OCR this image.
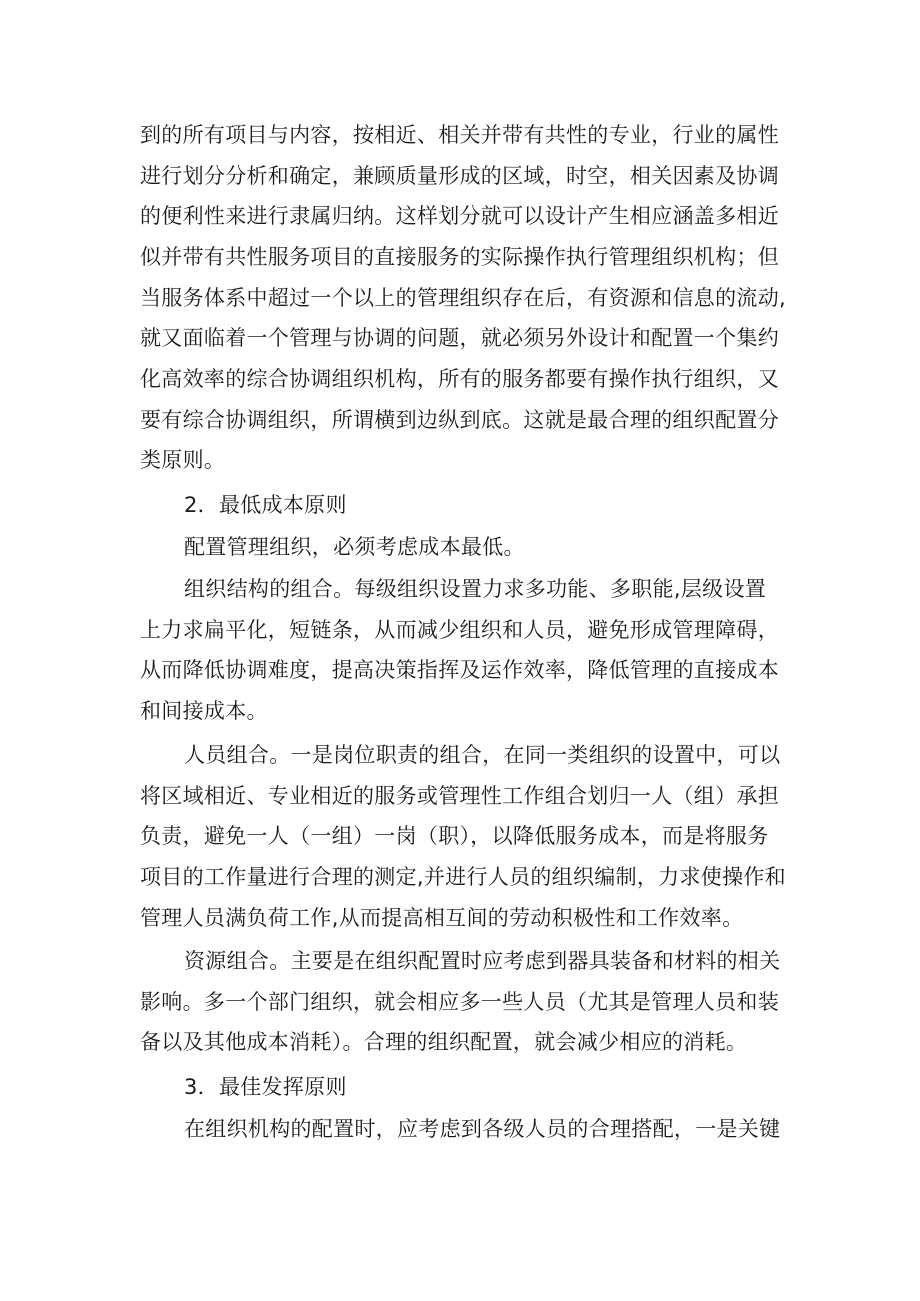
到的所有项目与内容，按相近、相关并带有共性的专业，行业的属性
进行划分分析和确定，兼顾质量形成的区域，时空，相关因素及协调
的便利性来进行隶属归纳。这样划分就可以设计产生相应涵盖多相近
似并带有共性服务项目的直接服务的实际操作执行管理组织机构；但
当服务体系中超过一个以上的管理组织存在后，有资源和信息的流动,
就又面临着一个管理与协调的问题，就必须另外设计和配置一个集约
化高效率的综合协调组织机构，所有的服务都要有操作执行组织，又
要有综合协调组织，所谓横到边纵到底。这就是最合理的组织配置分
类原则。
2．最低成本原则
配置管理组织，必须考虑成本最低。
组织结构的组合。每级组织设置力求多功能、多职能,层级设置
上力求扁平化，短链条，从而减少组织和人员，避免形成管理障碍，
从而降低协调难度，提高决策指挥及运作效率，降低管理的直接成本
和间接成本。
人员组合。一是岗位职责的组合，在同一类组织的设置中，可以
将区域相近、专业相近的服务或管理性工作组合划归一人（组）承担
负责，避免一人（一组）一岗（职），以降低服务成本，而是将服务
项目的工作量进行合理的测定,并进行人员的组织编制，力求使操作和
管理人员满负荷工作,从而提高相互间的劳动积极性和工作效率。
资源组合。主要是在组织配置时应考虑到器具装备和材料的相关
影响。多一个部门组织，就会相应多一些人员（尤其是管理人员和装
备以及其他成本消耗）。合理的组织配置，就会减少相应的消耗。
3．最佳发挥原则
在组织机构的配置时，应考虑到各级人员的合理搭配，一是关键
